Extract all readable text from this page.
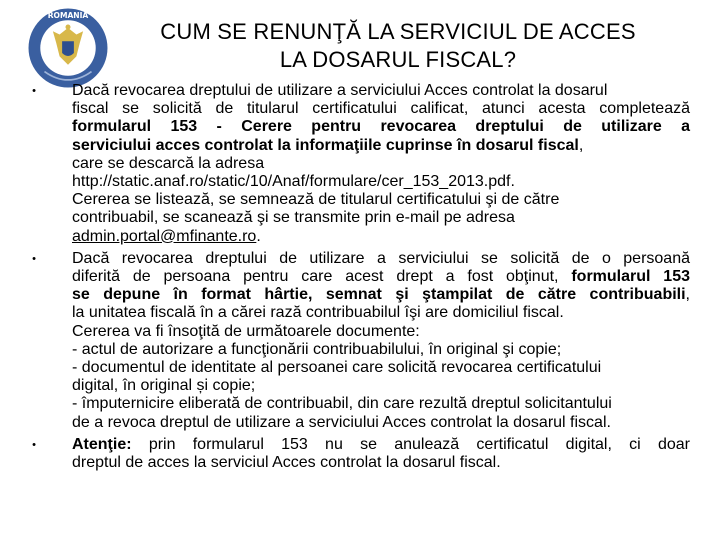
ROMANIA
CUM SE RENUNŢĂ LA SERVICIUL DE ACCES
LA DOSARUL FISCAL?
•	Dacă revocarea dreptului de utilizare a serviciului Acces controlat la dosarul

fiscal se solicită de titularul certificatului calificat, atunci acesta completează

formularul 153 - Cerere pentru revocarea dreptului de utilizare a

serviciului acces controlat la informaţiile cuprinse în dosarul fiscal,

care se descarcă la adresa

http://static.anaf.ro/static/10/Anaf/formulare/cer_153_2013.pdf.

Cererea se listează, se semnează de titularul certificatului şi de către

contribuabil, se scanează şi se transmite prin e-mail pe adresa

admin.portal@mfinante.ro.

•	Dacă revocarea dreptului de utilizare a serviciului se solicită de o persoană

diferită de persoana pentru care acest drept a fost obţinut, formularul 153

se depune în format hârtie, semnat şi ştampilat de către contribuabili,

la unitatea fiscală în a cărei rază contribuabilul îşi are domiciliul fiscal.

Cererea va fi însoţită de următoarele documente:

- actul de autorizare a funcţionării contribuabilului, în original şi copie;

- documentul de identitate al persoanei care solicită revocarea certificatului

digital, în original și copie;

- împuternicire eliberată de contribuabil, din care rezultă dreptul solicitantului

de a revoca dreptul de utilizare a serviciului Acces controlat la dosarul fiscal.

•	Atenţie: prin formularul 153 nu se anulează certificatul digital, ci doar

dreptul de acces la serviciul Acces controlat la dosarul fiscal.
